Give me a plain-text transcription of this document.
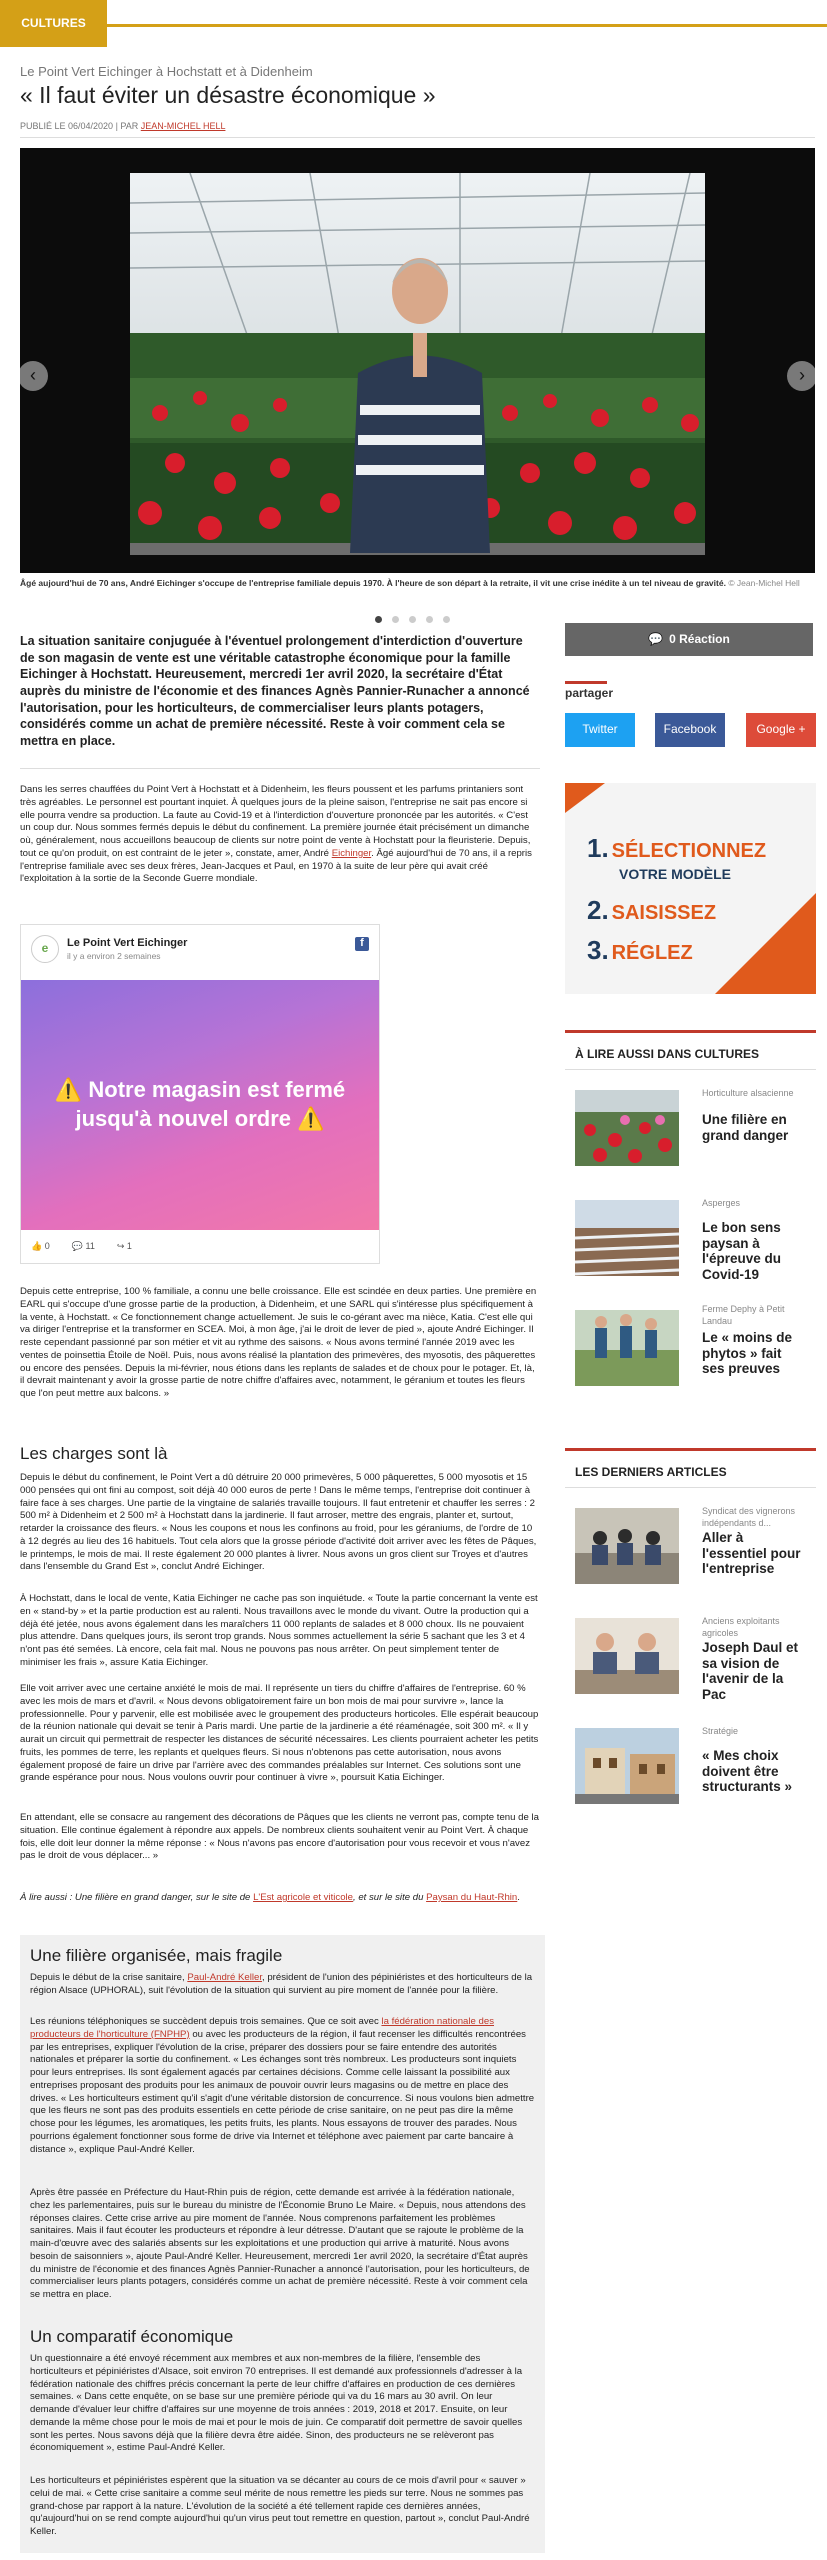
CULTURES
Le Point Vert Eichinger à Hochstatt et à Didenheim
« Il faut éviter un désastre économique »
PUBLIÉ LE 06/04/2020 | PAR JEAN-MICHEL HELL
‹	›
Âgé aujourd'hui de 70 ans, André Eichinger s'occupe de l'entreprise familiale depuis 1970. À l'heure de son départ à la retraite, il vit une crise inédite à un tel niveau de gravité. © Jean-Michel Hell

La situation sanitaire conjuguée à l'éventuel prolongement d'interdiction d'ouverture de son magasin de vente est une véritable catastrophe économique pour la famille Eichinger à Hochstatt. Heureusement, mercredi 1er avril 2020, la secrétaire d'État auprès du ministre de l'économie et des finances Agnès Pannier-Runacher a annoncé l'autorisation, pour les horticulteurs, de commercialiser leurs plants potagers, considérés comme un achat de première nécessité. Reste à voir comment cela se mettra en place.

💬 0 Réaction
partager
Twitter	Facebook	Google +

Dans les serres chauffées du Point Vert à Hochstatt et à Didenheim, les fleurs poussent et les parfums printaniers sont très agréables. Le personnel est pourtant inquiet. À quelques jours de la pleine saison, l'entreprise ne sait pas encore si elle pourra vendre sa production. La faute au Covid-19 et à l'interdiction d'ouverture prononcée par les autorités. « C'est un coup dur. Nous sommes fermés depuis le début du confinement. La première journée était précisément un dimanche où, généralement, nous accueillons beaucoup de clients sur notre point de vente à Hochstatt pour la fleuristerie. Depuis, tout ce qu'on produit, on est contraint de le jeter », constate, amer, André Eichinger. Âgé aujourd'hui de 70 ans, il a repris l'entreprise familiale avec ses deux frères, Jean-Jacques et Paul, en 1970 à la suite de leur père qui avait créé l'exploitation à la sortie de la Seconde Guerre mondiale.

e	Le Point Vert Eichinger
il y a environ 2 semaines
f
⚠️ Notre magasin est fermé jusqu'à nouvel ordre ⚠️
👍 0 💬 11 ↪ 1

Depuis cette entreprise, 100 % familiale, a connu une belle croissance. Elle est scindée en deux parties. Une première en EARL qui s'occupe d'une grosse partie de la production, à Didenheim, et une SARL qui s'intéresse plus spécifiquement à la vente, à Hochstatt. « Ce fonctionnement change actuellement. Je suis le co-gérant avec ma nièce, Katia. C'est elle qui va diriger l'entreprise et la transformer en SCEA. Moi, à mon âge, j'ai le droit de lever de pied », ajoute André Eichinger. Il reste cependant passionné par son métier et vit au rythme des saisons. « Nous avons terminé l'année 2019 avec les ventes de poinsettia Étoile de Noël. Puis, nous avons réalisé la plantation des primevères, des myosotis, des pâquerettes ou encore des pensées. Depuis la mi-février, nous étions dans les replants de salades et de choux pour le potager. Et, là, il devrait maintenant y avoir la grosse partie de notre chiffre d'affaires avec, notamment, le géranium et toutes les fleurs que l'on peut mettre aux balcons. »

Les charges sont là

Depuis le début du confinement, le Point Vert a dû détruire 20 000 primevères, 5 000 pâquerettes, 5 000 myosotis et 15 000 pensées qui ont fini au compost, soit déjà 40 000 euros de perte ! Dans le même temps, l'entreprise doit continuer à faire face à ses charges. Une partie de la vingtaine de salariés travaille toujours. Il faut entretenir et chauffer les serres : 2 500 m² à Didenheim et 2 500 m² à Hochstatt dans la jardinerie. Il faut arroser, mettre des engrais, planter et, surtout, retarder la croissance des fleurs. « Nous les coupons et nous les confinons au froid, pour les géraniums, de l'ordre de 10 à 12 degrés au lieu des 16 habituels. Tout cela alors que la grosse période d'activité doit arriver avec les fêtes de Pâques, le printemps, le mois de mai. Il reste également 20 000 plantes à livrer. Nous avons un gros client sur Troyes et d'autres dans l'ensemble du Grand Est », conclut André Eichinger.

À Hochstatt, dans le local de vente, Katia Eichinger ne cache pas son inquiétude. « Toute la partie concernant la vente est en « stand-by » et la partie production est au ralenti. Nous travaillons avec le monde du vivant. Outre la production qui a déjà été jetée, nous avons également dans les maraîchers 11 000 replants de salades et 8 000 choux. Ils ne pouvaient plus attendre. Dans quelques jours, ils seront trop grands. Nous sommes actuellement la série 5 sachant que les 3 et 4 n'ont pas été semées. Là encore, cela fait mal. Nous ne pouvons pas nous arrêter. On peut simplement tenter de minimiser les frais », assure Katia Eichinger.

Elle voit arriver avec une certaine anxiété le mois de mai. Il représente un tiers du chiffre d'affaires de l'entreprise. 60 % avec les mois de mars et d'avril. « Nous devons obligatoirement faire un bon mois de mai pour survivre », lance la professionnelle. Pour y parvenir, elle est mobilisée avec le groupement des producteurs horticoles. Elle espérait beaucoup de la réunion nationale qui devait se tenir à Paris mardi. Une partie de la jardinerie a été réaménagée, soit 300 m². « Il y aurait un circuit qui permettrait de respecter les distances de sécurité nécessaires. Les clients pourraient acheter les petits fruits, les pommes de terre, les replants et quelques fleurs. Si nous n'obtenons pas cette autorisation, nous avons également proposé de faire un drive par l'arrière avec des commandes préalables sur Internet. Ces solutions sont une grande espérance pour nous. Nous voulons ouvrir pour continuer à vivre », poursuit Katia Eichinger.

En attendant, elle se consacre au rangement des décorations de Pâques que les clients ne verront pas, compte tenu de la situation. Elle continue également à répondre aux appels. De nombreux clients souhaitent venir au Point Vert. À chaque fois, elle doit leur donner la même réponse : « Nous n'avons pas encore d'autorisation pour vous recevoir et vous n'avez pas le droit de vous déplacer... »

À lire aussi : Une filière en grand danger, sur le site de L'Est agricole et viticole, et sur le site du Paysan du Haut-Rhin.

Une filière organisée, mais fragile

Depuis le début de la crise sanitaire, Paul-André Keller, président de l'union des pépiniéristes et des horticulteurs de la région Alsace (UPHORAL), suit l'évolution de la situation qui survient au pire moment de l'année pour la filière.

Les réunions téléphoniques se succèdent depuis trois semaines. Que ce soit avec la fédération nationale des producteurs de l'horticulture (FNPHP) ou avec les producteurs de la région, il faut recenser les difficultés rencontrées par les entreprises, expliquer l'évolution de la crise, préparer des dossiers pour se faire entendre des autorités nationales et préparer la sortie du confinement. « Les échanges sont très nombreux. Les producteurs sont inquiets pour leurs entreprises. Ils sont également agacés par certaines décisions. Comme celle laissant la possibilité aux entreprises proposant des produits pour les animaux de pouvoir ouvrir leurs magasins ou de mettre en place des drives. « Les horticulteurs estiment qu'il s'agit d'une véritable distorsion de concurrence. Si nous voulons bien admettre que les fleurs ne sont pas des produits essentiels en cette période de crise sanitaire, on ne peut pas dire la même chose pour les légumes, les aromatiques, les petits fruits, les plants. Nous essayons de trouver des parades. Nous pourrions également fonctionner sous forme de drive via Internet et téléphone avec paiement par carte bancaire à distance », explique Paul-André Keller.

Après être passée en Préfecture du Haut-Rhin puis de région, cette demande est arrivée à la fédération nationale, chez les parlementaires, puis sur le bureau du ministre de l'Économie Bruno Le Maire. « Depuis, nous attendons des réponses claires. Cette crise arrive au pire moment de l'année. Nous comprenons parfaitement les problèmes sanitaires. Mais il faut écouter les producteurs et répondre à leur détresse. D'autant que se rajoute le problème de la main-d'œuvre avec des salariés absents sur les exploitations et une production qui arrive à maturité. Nous avons besoin de saisonniers », ajoute Paul-André Keller. Heureusement, mercredi 1er avril 2020, la secrétaire d'État auprès du ministre de l'économie et des finances Agnès Pannier-Runacher a annoncé l'autorisation, pour les horticulteurs, de commercialiser leurs plants potagers, considérés comme un achat de première nécessité. Reste à voir comment cela se mettra en place.

Un comparatif économique

Un questionnaire a été envoyé récemment aux membres et aux non-membres de la filière, l'ensemble des horticulteurs et pépiniéristes d'Alsace, soit environ 70 entreprises. Il est demandé aux professionnels d'adresser à la fédération nationale des chiffres précis concernant la perte de leur chiffre d'affaires en production de ces dernières semaines. « Dans cette enquête, on se base sur une première période qui va du 16 mars au 30 avril. On leur demande d'évaluer leur chiffre d'affaires sur une moyenne de trois années : 2019, 2018 et 2017. Ensuite, on leur demande la même chose pour le mois de mai et pour le mois de juin. Ce comparatif doit permettre de savoir quelles sont les pertes. Nous savons déjà que la filière devra être aidée. Sinon, des producteurs ne se relèveront pas économiquement », estime Paul-André Keller.

Les horticulteurs et pépiniéristes espèrent que la situation va se décanter au cours de ce mois d'avril pour « sauver » celui de mai. « Cette crise sanitaire a comme seul mérite de nous remettre les pieds sur terre. Nous ne sommes pas grand-chose par rapport à la nature. L'évolution de la société a été tellement rapide ces dernières années, qu'aujourd'hui on se rend compte aujourd'hui qu'un virus peut tout remettre en question, partout », conclut Paul-André Keller.

1. SÉLECTIONNEZ
VOTRE MODÈLE
2. SAISISSEZ
3. RÉGLEZ
À LIRE AUSSI DANS CULTURES
Horticulture alsacienne
Une filière en grand danger
Asperges
Le bon sens paysan à l'épreuve du Covid-19
Ferme Dephy à Petit Landau
Le « moins de phytos » fait ses preuves
LES DERNIERS ARTICLES
Syndicat des vignerons indépendants d...
Aller à l'essentiel pour l'entreprise
Anciens exploitants agricoles
Joseph Daul et sa vision de l'avenir de la Pac
Stratégie
« Mes choix doivent être structurants »
